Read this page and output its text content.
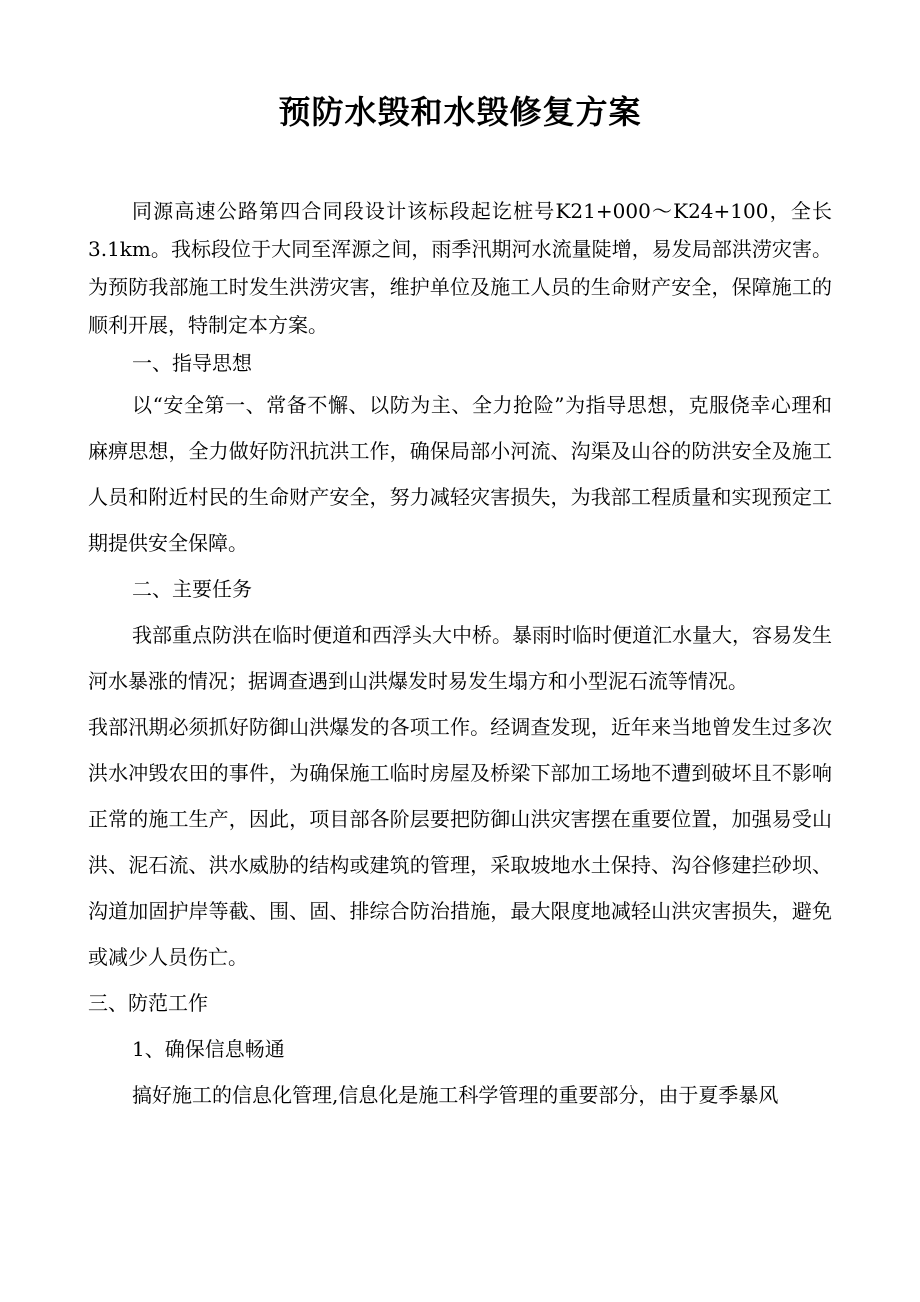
预防水毁和水毁修复方案

同源高速公路第四合同段设计该标段起讫桩号K21+000～K24+100，全长3.1km。我标段位于大同至浑源之间，雨季汛期河水流量陡增，易发局部洪涝灾害。为预防我部施工时发生洪涝灾害，维护单位及施工人员的生命财产安全，保障施工的顺利开展，特制定本方案。

一、指导思想

以“安全第一、常备不懈、以防为主、全力抢险”为指导思想，克服侥幸心理和麻痹思想，全力做好防汛抗洪工作，确保局部小河流、沟渠及山谷的防洪安全及施工人员和附近村民的生命财产安全，努力减轻灾害损失，为我部工程质量和实现预定工期提供安全保障。

二、主要任务

我部重点防洪在临时便道和西浮头大中桥。暴雨时临时便道汇水量大，容易发生河水暴涨的情况；据调查遇到山洪爆发时易发生塌方和小型泥石流等情况。

我部汛期必须抓好防御山洪爆发的各项工作。经调查发现，近年来当地曾发生过多次洪水冲毁农田的事件，为确保施工临时房屋及桥梁下部加工场地不遭到破坏且不影响正常的施工生产，因此，项目部各阶层要把防御山洪灾害摆在重要位置，加强易受山洪、泥石流、洪水威胁的结构或建筑的管理，采取坡地水土保持、沟谷修建拦砂坝、沟道加固护岸等截、围、固、排综合防治措施，最大限度地减轻山洪灾害损失，避免或减少人员伤亡。

三、防范工作

1、确保信息畅通

搞好施工的信息化管理,信息化是施工科学管理的重要部分，由于夏季暴风
